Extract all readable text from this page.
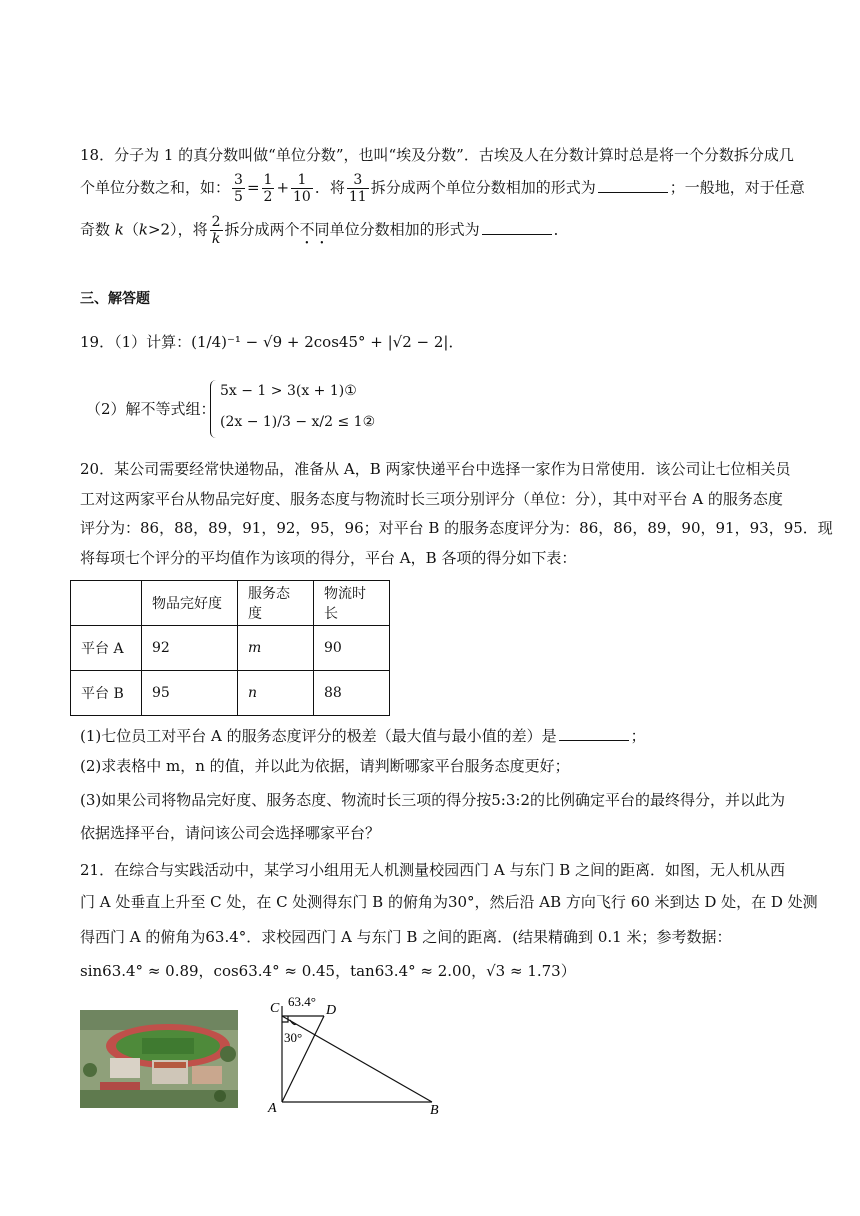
18．分子为 1 的真分数叫做“单位分数”，也叫“埃及分数”．古埃及人在分数计算时总是将一个分数拆分成几
个单位分数之和，如： $\frac{3}{5} = \frac{1}{2} + \frac{1}{10}$ ．将 $\frac{3}{11}$ 拆分成两个单位分数相加的形式为	；一般地，对于任意
奇数 k（k>2），将 $\frac{2}{k}$ 拆分成两个不同单位分数相加的形式为	．
三、解答题
19．（1）计算：(1/4)⁻¹ − √9 + 2cos45° + |√2 − 2|．
（2）解不等式组：
5x − 1 > 3(x + 1)①
(2x − 1)/3 − x/2 ≤ 1②
20．某公司需要经常快递物品，准备从 A，B 两家快递平台中选择一家作为日常使用．该公司让七位相关员
工对这两家平台从物品完好度、服务态度与物流时长三项分别评分（单位：分），其中对平台 A 的服务态度
评分为：86，88，89，91，92，95，96；对平台 B 的服务态度评分为：86，86，89，90，91，93，95．现
将每项七个评分的平均值作为该项的得分，平台 A，B 各项的得分如下表：
	物品完好度	服务态度	物流时长
平台 A	92	m	90
平台 B	95	n	88
(1)七位员工对平台 A 的服务态度评分的极差（最大值与最小值的差）是	；
(2)求表格中 m，n 的值，并以此为依据，请判断哪家平台服务态度更好；
(3)如果公司将物品完好度、服务态度、物流时长三项的得分按5:3:2的比例确定平台的最终得分，并以此为
依据选择平台，请问该公司会选择哪家平台？
21．在综合与实践活动中，某学习小组用无人机测量校园西门 A 与东门 B 之间的距离．如图，无人机从西
门 A 处垂直上升至 C 处，在 C 处测得东门 B 的俯角为30°，然后沿 AB 方向飞行 60 米到达 D 处，在 D 处测
得西门 A 的俯角为63.4°．求校园西门 A 与东门 B 之间的距离．(结果精确到 0.1 米；参考数据：
sin63.4° ≈ 0.89，cos63.4° ≈ 0.45，tan63.4° ≈ 2.00，√3 ≈ 1.73）
C	D
A	B
63.4°
30°
